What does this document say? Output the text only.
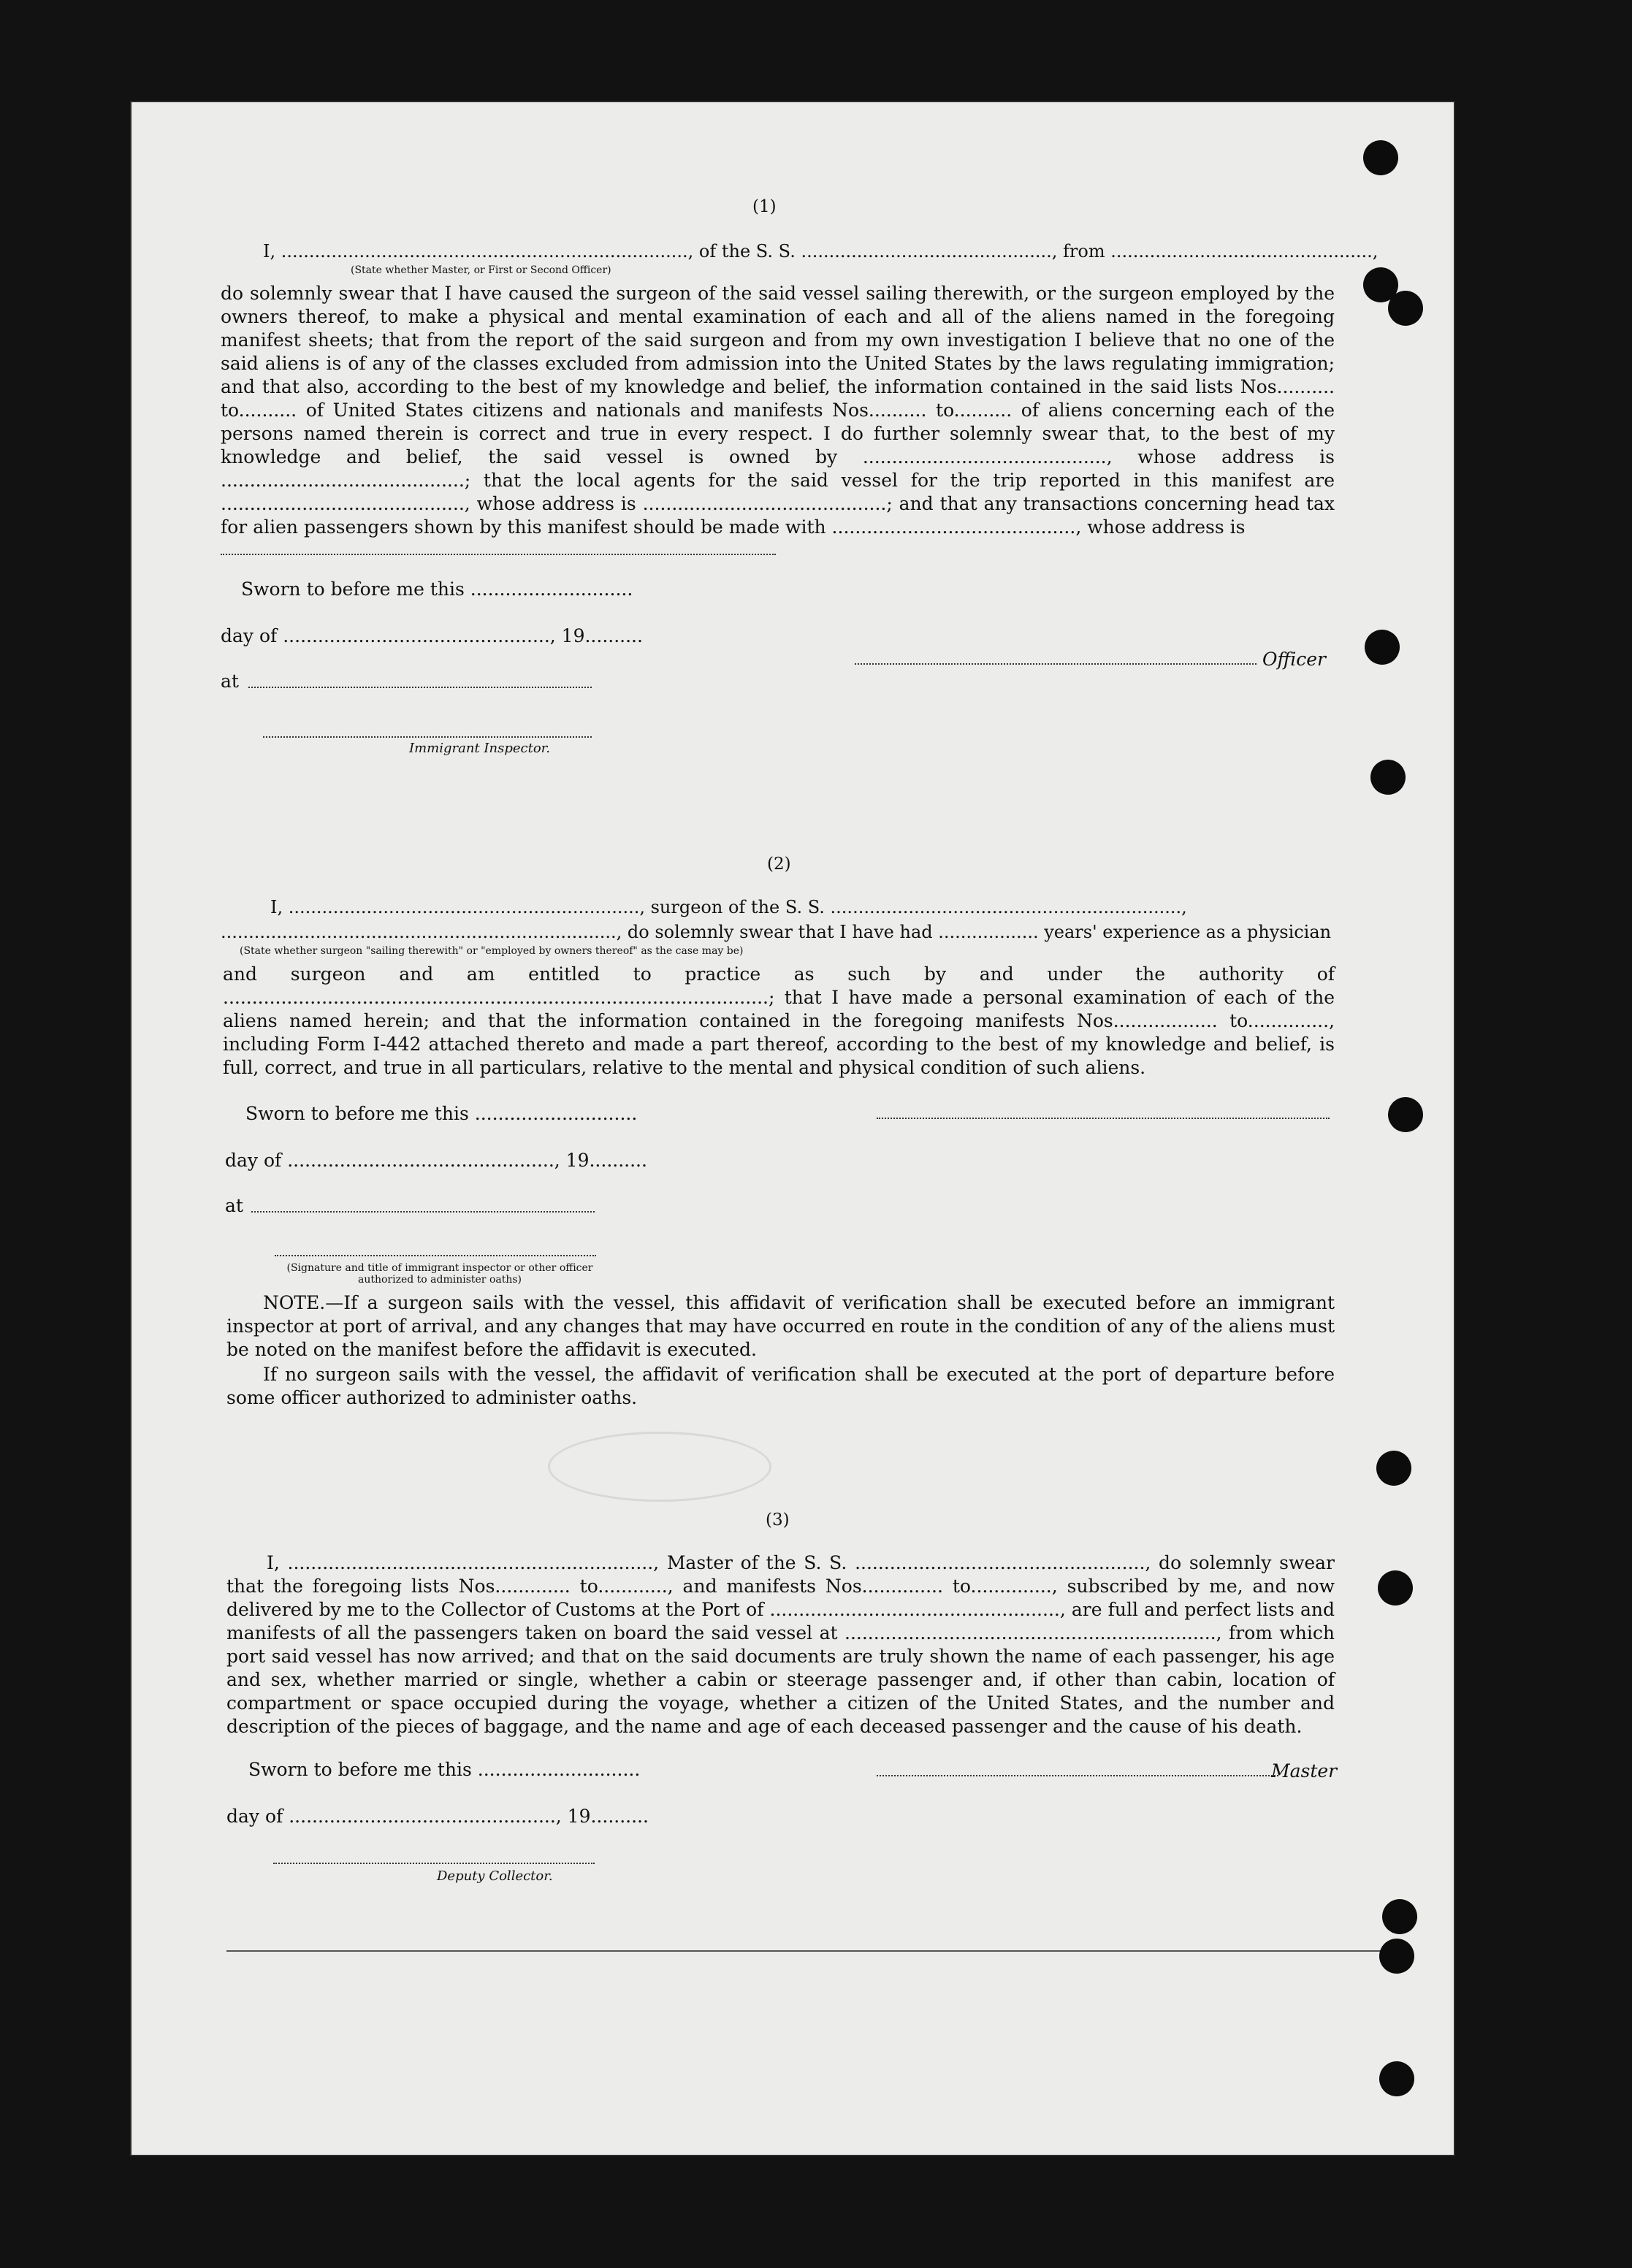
(1)
I, ........................................................................., of the S. S. ............................................., from ...............................................,
(State whether Master, or First or Second Officer)
do solemnly swear that I have caused the surgeon of the said vessel sailing therewith, or the surgeon employed by the owners thereof, to make a physical and mental examination of each and all of the aliens named in the foregoing manifest sheets; that from the report of the said surgeon and from my own investigation I believe that no one of the said aliens is of any of the classes excluded from admission into the United States by the laws regulating immigration; and that also, according to the best of my knowledge and belief, the information contained in the said lists Nos.......... to.......... of United States citizens and nationals and manifests Nos.......... to.......... of aliens concerning each of the persons named therein is correct and true in every respect. I do further solemnly swear that, to the best of my knowledge and belief, the said vessel is owned by .........................................., whose address is ..........................................; that the local agents for the said vessel for the trip reported in this manifest are .........................................., whose address is ..........................................; and that any transactions concerning head tax for alien passengers shown by this manifest should be made with .........................................., whose address is
Sworn to before me this ............................
day of .............................................., 19..........
at
Officer
Immigrant Inspector.
(2)
I, ..............................................................., surgeon of the S. S. ...............................................................,
......................................................................., do solemnly swear that I have had .................. years' experience as a physician
(State whether surgeon "sailing therewith" or "employed by owners thereof" as the case may be)
and surgeon and am entitled to practice as such by and under the authority of ..............................................................................................; that I have made a personal examination of each of the aliens named herein; and that the information contained in the foregoing manifests Nos.................. to.............., including Form I-442 attached thereto and made a part thereof, according to the best of my knowledge and belief, is full, correct, and true in all particulars, relative to the mental and physical condition of such aliens.
Sworn to before me this ............................
day of .............................................., 19..........
at
(Signature and title of immigrant inspector or other officer authorized to administer oaths)
NOTE.—If a surgeon sails with the vessel, this affidavit of verification shall be executed before an immigrant inspector at port of arrival, and any changes that may have occurred en route in the condition of any of the aliens must be noted on the manifest before the affidavit is executed.
If no surgeon sails with the vessel, the affidavit of verification shall be executed at the port of departure before some officer authorized to administer oaths.
(3)
I, ..............................................................., Master of the S. S. .................................................., do solemnly swear that the foregoing lists Nos............. to............, and manifests Nos.............. to.............., subscribed by me, and now delivered by me to the Collector of Customs at the Port of .................................................., are full and perfect lists and manifests of all the passengers taken on board the said vessel at ................................................................, from which port said vessel has now arrived; and that on the said documents are truly shown the name of each passenger, his age and sex, whether married or single, whether a cabin or steerage passenger and, if other than cabin, location of compartment or space occupied during the voyage, whether a citizen of the United States, and the number and description of the pieces of baggage, and the name and age of each deceased passenger and the cause of his death.
Sworn to before me this ............................	Master
day of .............................................., 19..........
Deputy Collector.
